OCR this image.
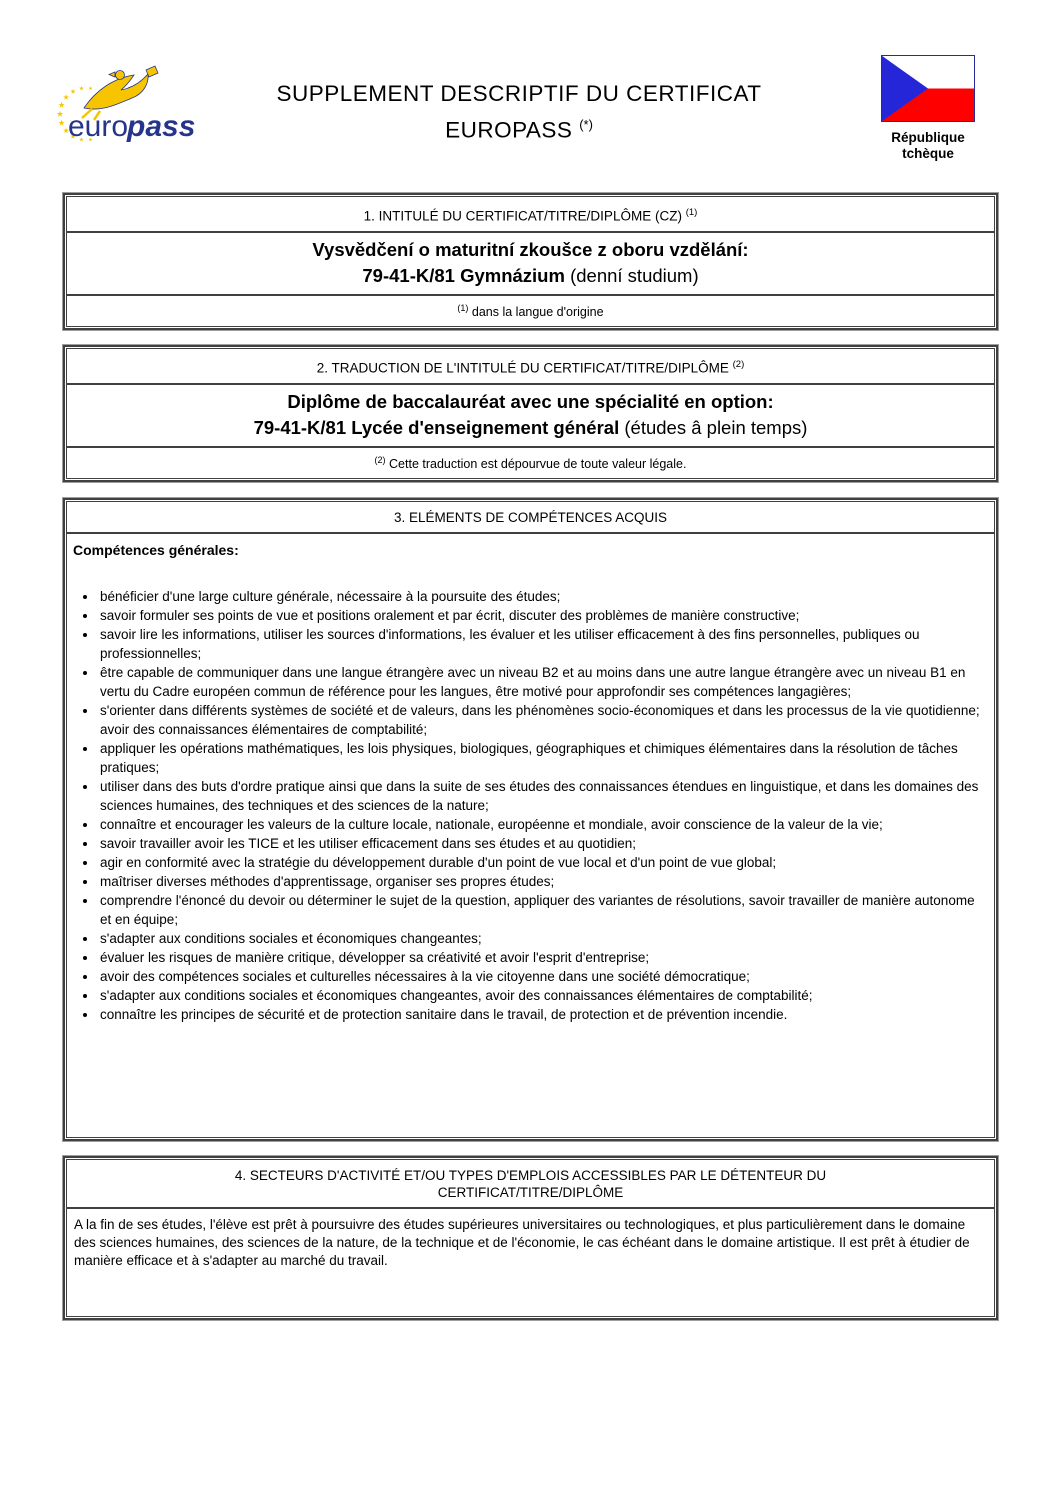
euro
pass
SUPPLEMENT DESCRIPTIF DU CERTIFICAT
EUROPASS (*)
République tchèque
1. INTITULÉ DU CERTIFICAT/TITRE/DIPLÔME (CZ) $^{(1)}$
Vysvědčení o maturitní zkoušce z oboru vzdělání:
79-41-K/81 Gymnázium (denní studium)
$^{(1)}$ dans la langue d'origine
2. TRADUCTION DE L'INTITULÉ DU CERTIFICAT/TITRE/DIPLÔME $^{(2)}$
Diplôme de baccalauréat avec une spécialité en option:
79-41-K/81 Lycée d'enseignement général (études â plein temps)
$^{(2)}$ Cette traduction est dépourvue de toute valeur légale.
3. ELÉMENTS DE COMPÉTENCES ACQUIS
Compétences générales:
• bénéficier d'une large culture générale, nécessaire à la poursuite des études;
• savoir formuler ses points de vue et positions oralement et par écrit, discuter des problèmes de manière constructive;
• savoir lire les informations, utiliser les sources d'informations, les évaluer et les utiliser efficacement à des fins personnelles, publiques ou professionnelles;
• être capable de communiquer dans une langue étrangère avec un niveau B2 et au moins dans une autre langue étrangère avec un niveau B1 en vertu du Cadre européen commun de référence pour les langues, être motivé pour approfondir ses compétences langagières;
• s'orienter dans différents systèmes de société et de valeurs, dans les phénomènes socio-économiques et dans les processus de la vie quotidienne; avoir des connaissances élémentaires de comptabilité;
• appliquer les opérations mathématiques, les lois physiques, biologiques, géographiques et chimiques élémentaires dans la résolution de tâches pratiques;
• utiliser dans des buts d'ordre pratique ainsi que dans la suite de ses études des connaissances étendues en linguistique, et dans les domaines des sciences humaines, des techniques et des sciences de la nature;
• connaître et encourager les valeurs de la culture locale, nationale, européenne et mondiale, avoir conscience de la valeur de la vie;
• savoir travailler avoir les TICE et les utiliser efficacement dans ses études et au quotidien;
• agir en conformité avec la stratégie du développement durable d'un point de vue local et d'un point de vue global;
• maîtriser diverses méthodes d'apprentissage, organiser ses propres études;
• comprendre l'énoncé du devoir ou déterminer le sujet de la question, appliquer des variantes de résolutions, savoir travailler de manière autonome et en équipe;
• s'adapter aux conditions sociales et économiques changeantes;
• évaluer les risques de manière critique, développer sa créativité et avoir l'esprit d'entreprise;
• avoir des compétences sociales et culturelles nécessaires à la vie citoyenne dans une société démocratique;
• s'adapter aux conditions sociales et économiques changeantes, avoir des connaissances élémentaires de comptabilité;
• connaître les principes de sécurité et de protection sanitaire dans le travail, de protection et de prévention incendie.
4. SECTEURS D'ACTIVITÉ ET/OU TYPES D'EMPLOIS ACCESSIBLES PAR LE DÉTENTEUR DU
CERTIFICAT/TITRE/DIPLÔME

A la fin de ses études, l'élève est prêt à poursuivre des études supérieures universitaires ou technologiques, et plus particulièrement dans le domaine des sciences humaines, des sciences de la nature, de la technique et de l'économie, le cas échéant dans le domaine artistique. Il est prêt à étudier de manière efficace et à s'adapter au marché du travail.
